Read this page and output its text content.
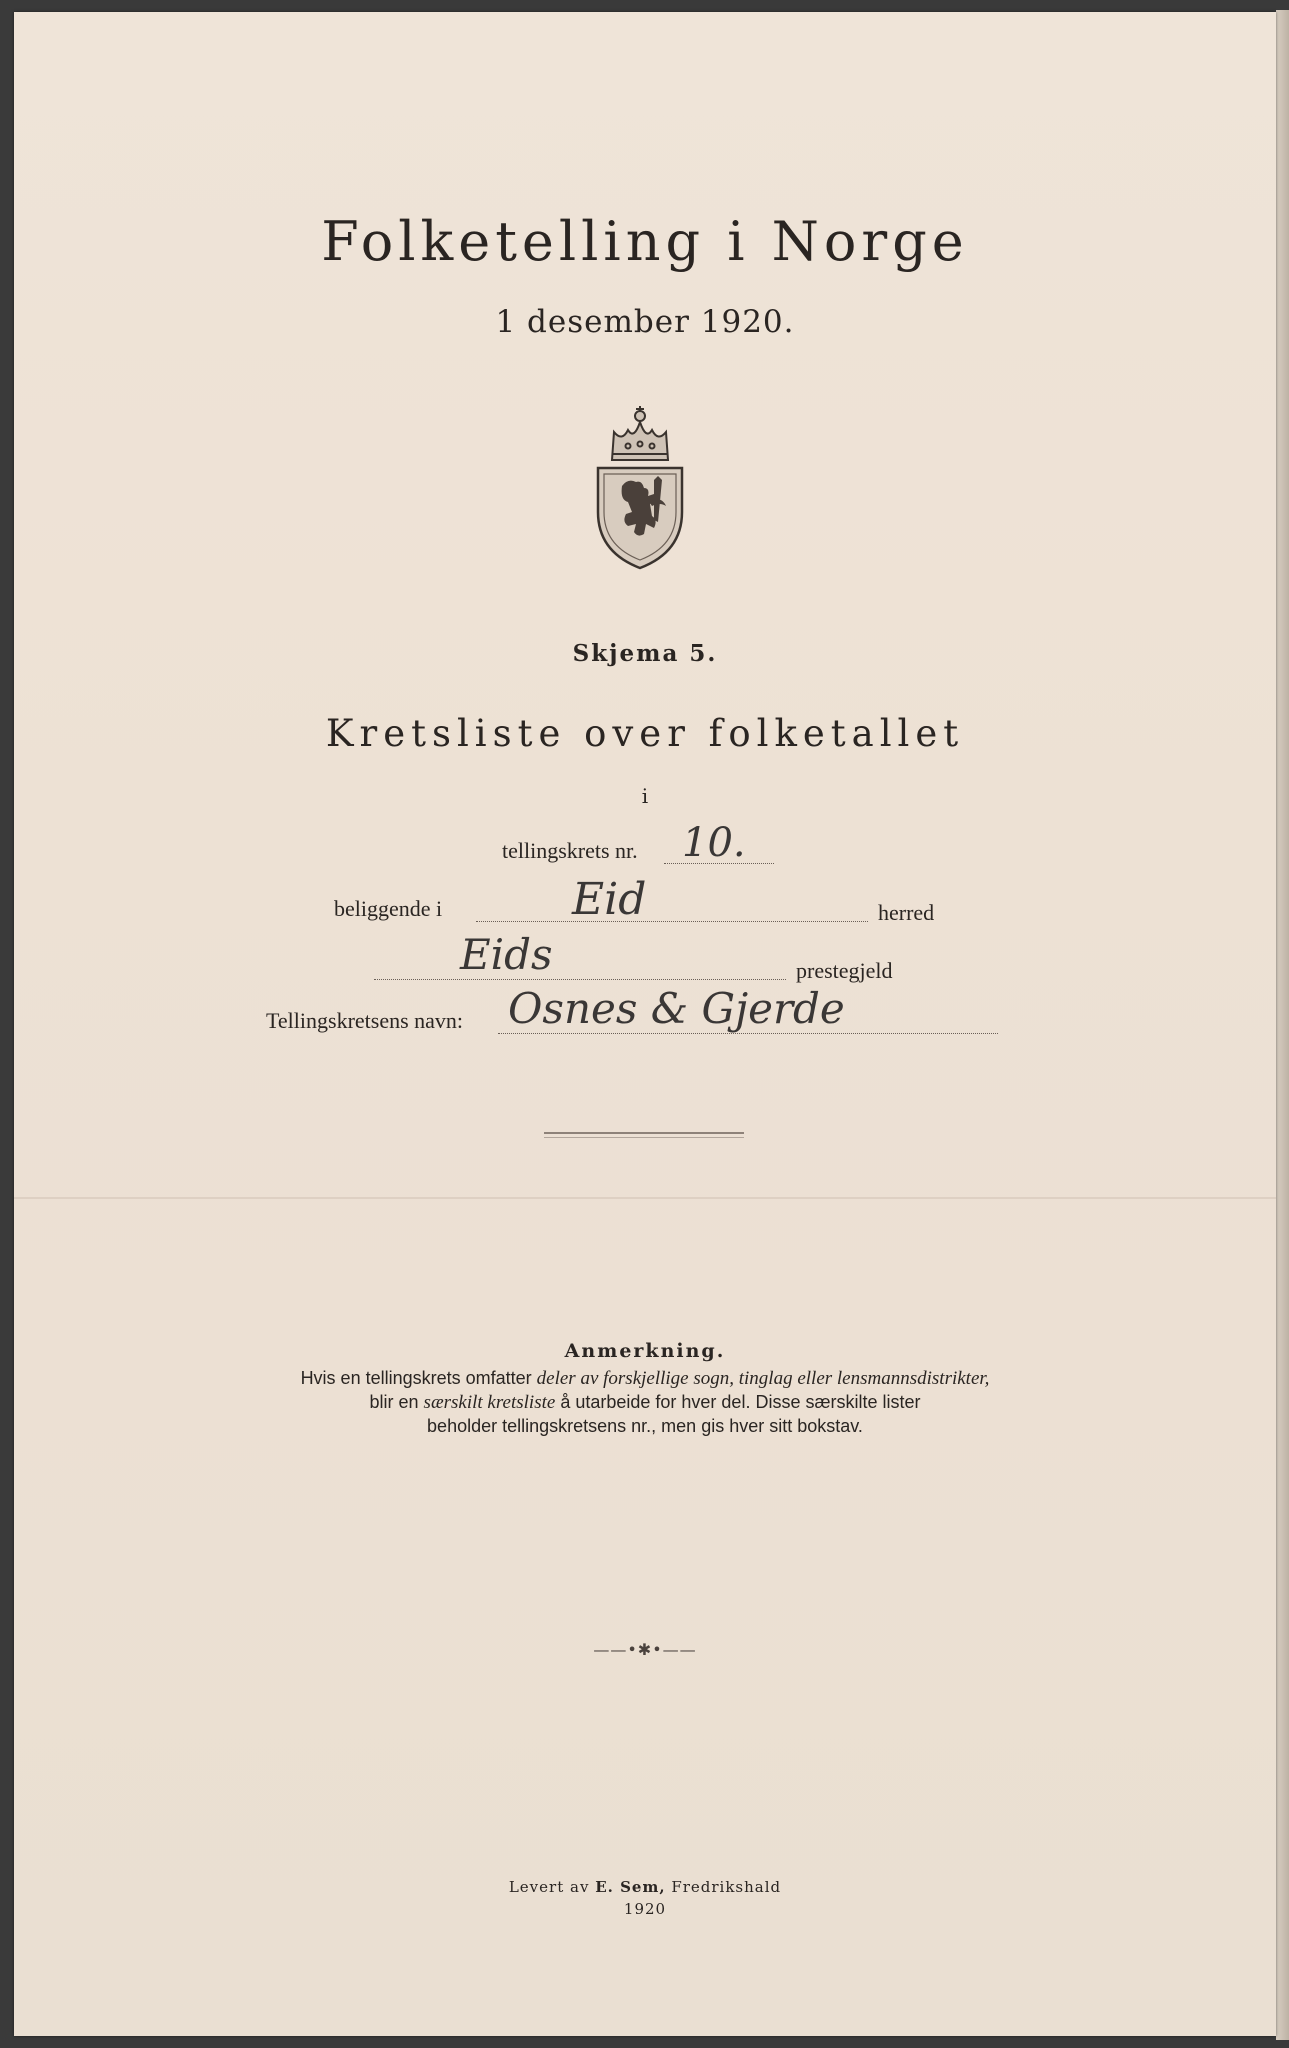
Folketelling i Norge
1 desember 1920.
Skjema 5.
Kretsliste over folketallet
i
tellingskrets nr. 10.
beliggende i	Eid	herred
Eids	prestegjeld
Tellingskretsens navn: Osnes & Gjerde
Anmerkning.

Hvis en tellingskrets omfatter deler av forskjellige sogn, tinglag eller lensmannsdistrikter,

blir en særskilt kretsliste å utarbeide for hver del. Disse særskilte lister

beholder tellingskretsens nr., men gis hver sitt bokstav.

——•✱•——
Levert av E. Sem, Fredrikshald
1920
